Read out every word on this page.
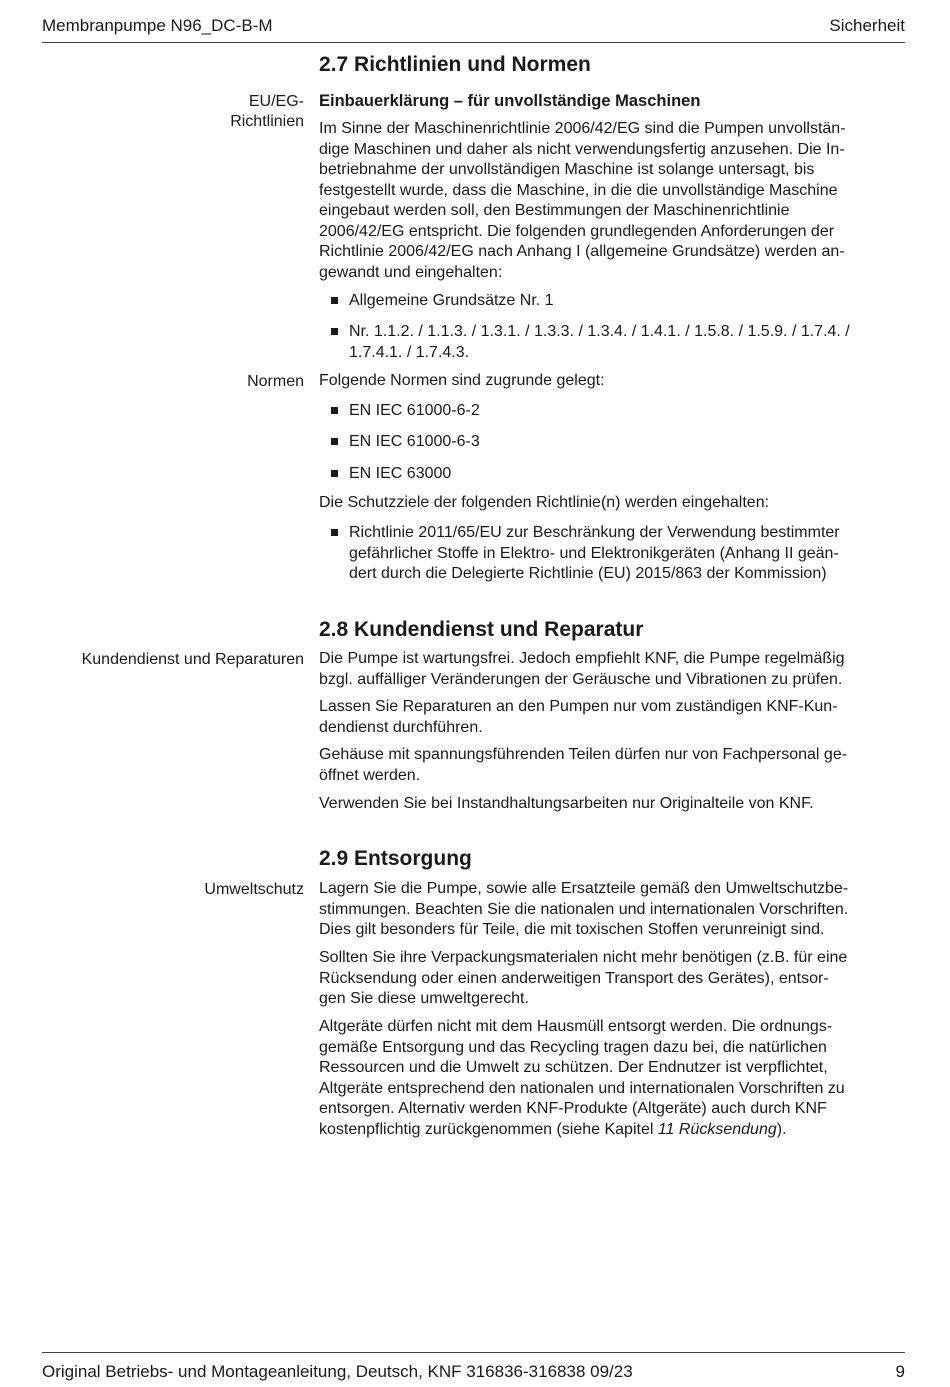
Membranpumpe N96_DC-B-M	Sicherheit
2.7 Richtlinien und Normen
EU/EG-
Richtlinien
Einbauerklärung – für unvollständige Maschinen
Im Sinne der Maschinenrichtlinie 2006/42/EG sind die Pumpen unvollstän-
dige Maschinen und daher als nicht verwendungsfertig anzusehen. Die In-
betriebnahme der unvollständigen Maschine ist solange untersagt, bis
festgestellt wurde, dass die Maschine, in die die unvollständige Maschine
eingebaut werden soll, den Bestimmungen der Maschinenrichtlinie
2006/42/EG entspricht. Die folgenden grundlegenden Anforderungen der
Richtlinie 2006/42/EG nach Anhang I (allgemeine Grundsätze) werden an-
gewandt und eingehalten:
Allgemeine Grundsätze Nr. 1
Nr. 1.1.2. / 1.1.3. / 1.3.1. / 1.3.3. / 1.3.4. / 1.4.1. / 1.5.8. / 1.5.9. / 1.7.4. /
1.7.4.1. / 1.7.4.3.
Normen Folgende Normen sind zugrunde gelegt:
EN IEC 61000-6-2
EN IEC 61000-6-3
EN IEC 63000
Die Schutzziele der folgenden Richtlinie(n) werden eingehalten:
Richtlinie 2011/65/EU zur Beschränkung der Verwendung bestimmter
gefährlicher Stoffe in Elektro- und Elektronikgeräten (Anhang II geän-
dert durch die Delegierte Richtlinie (EU) 2015/863 der Kommission)
2.8 Kundendienst und Reparatur
Kundendienst und Reparaturen Die Pumpe ist wartungsfrei. Jedoch empfiehlt KNF, die Pumpe regelmäßig
bzgl. auffälliger Veränderungen der Geräusche und Vibrationen zu prüfen.
Lassen Sie Reparaturen an den Pumpen nur vom zuständigen KNF-Kun-
dendienst durchführen.
Gehäuse mit spannungsführenden Teilen dürfen nur von Fachpersonal ge-
öffnet werden.
Verwenden Sie bei Instandhaltungsarbeiten nur Originalteile von KNF.
2.9 Entsorgung
Umweltschutz Lagern Sie die Pumpe, sowie alle Ersatzteile gemäß den Umweltschutzbe-
stimmungen. Beachten Sie die nationalen und internationalen Vorschriften.
Dies gilt besonders für Teile, die mit toxischen Stoffen verunreinigt sind.
Sollten Sie ihre Verpackungsmaterialen nicht mehr benötigen (z.B. für eine
Rücksendung oder einen anderweitigen Transport des Gerätes), entsor-
gen Sie diese umweltgerecht.
Altgeräte dürfen nicht mit dem Hausmüll entsorgt werden. Die ordnungs-
gemäße Entsorgung und das Recycling tragen dazu bei, die natürlichen
Ressourcen und die Umwelt zu schützen. Der Endnutzer ist verpflichtet,
Altgeräte entsprechend den nationalen und internationalen Vorschriften zu
entsorgen. Alternativ werden KNF-Produkte (Altgeräte) auch durch KNF
kostenpflichtig zurückgenommen (siehe Kapitel 11 Rücksendung).
Original Betriebs- und Montageanleitung, Deutsch, KNF 316836-316838 09/23	9
